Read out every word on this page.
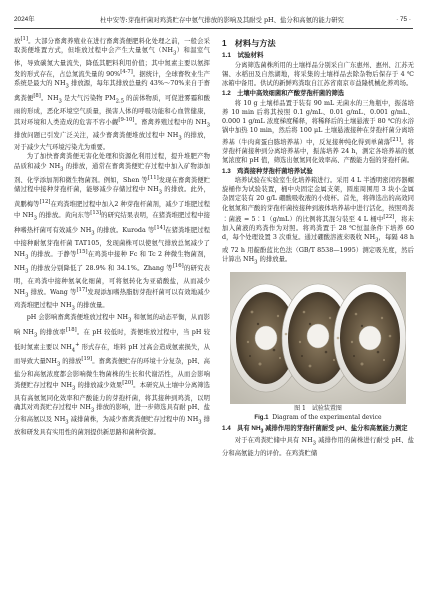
2024年	杜中安等:芽孢杆菌对鸡粪贮存中氨气排放的影响及其耐受 pH、盐分和高氨的能力研究	· 75 ·

放[1]。大部分畜禽养殖业在进行畜禽粪便肥料化处理之前，一般会采取粪便堆置方式，但堆放过程中会产生大量氨气$(NH_3)$和温室气体，导致碳氮大量流失，降低其肥料利用价值；其中氮素主要以氨挥发的形式存在，占总氮流失量的 90%[4-7]。据统计，全球畜牧业生产系统是最大的 $NH_3$ 排放源，每年其排放总量约 43%～70%来自于畜禽粪便[8]。$NH_3$ 是大气污染物 $PM_{2.5}$ 的前体物质，可促进雾霾和酸雨的形成，恶化环境空气质量，损害人体的呼吸功能和心血管健康，其对环境和人类造成的危害不容小觑[9-10]。畜禽养殖过程中的 $NH_3$ 排放问题已引发广泛关注，减少畜禽粪便堆放过程中 $NH_3$ 的排放，对于减少大气环境污染尤为重要。

为了加快畜禽粪便无害化处理和资源化利用过程，提升堆肥产物品质和减少 $NH_3$ 的排放，通常在畜禽粪便贮存过程中加入矿物添加剂、化学添加剂和微生物菌剂。例如，Shen 等[11]发现在畜禽粪便贮储过程中接种芽孢杆菌，能够减少存储过程中 $NH_3$ 的排放。此外，黄鹏梅等[12]在鸡粪堆肥过程中加入2 种芽孢杆菌剂，减少了堆肥过程中 $NH_3$ 的排放。黄向东等[13]的研究结果表明，在猪粪堆肥过程中接种嗜热杆菌可有效减少 $NH_3$ 的排放。Kuroda 等[14]在猪粪堆肥过程中接种耐氨芽孢杆菌 TAT105，发现菌株可以使氨气排放总氮减少了 $NH_3$ 的排放。于静等[15]在鸡粪中接种 Fc 和 Tc 2 种微生物菌剂，$NH_3$ 的排放分别降低了 28.9% 和 34.1%。Zhang 等[16]的研究表明，在鸡粪中接种氨氧化细菌，可将氨转化为亚硝酸盐，从而减少 $NH_3$ 排放。Wang 等[17]发现添加嗜热脂肪芽孢杆菌可以有效地减少鸡粪堆肥过程中 $NH_3$ 的排放量。

pH 会影响畜禽粪便堆放过程中 $NH_3$ 和氨氮的动态平衡，从而影响 $NH_3$ 的排放率[18]。在 pH 较低时，粪便堆放过程中，当 pH 较低时氮素主要以 $NH_4^+$ 形式存在，堆料 pH 过高会造成氨素损失，从而导致大量$NH_3$ 的排放[19]。畜禽粪便贮存的环境十分复杂，pH、高盐分和高氨浓度都会影响微生物菌株的生长和代谢活性，从而会影响粪便贮存过程中 $NH_3$ 的排放减少效果[20]。本研究从土壤中分离筛选具有高氨氮同化效率和产酸能力的芽孢杆菌，将其接种到鸡粪，以明确其对鸡粪贮存过程中 $NH_3$ 排放的影响，进一步筛选具有耐 pH、盐分和高氨以及 $NH_3$ 减排菌株，为减少畜禽粪便贮存过程中的 $NH_3$ 排放和研发具有实用性的菌剂提供新思路和菌种资源。

1　材料与方法
1.1　试验材料

分离筛选菌株所用的土壤样品分别采自广东惠州、惠州、江苏无锡、水稻田及自然湖地，将采集的土壤样品去除杂物后保存于 4 ℃冰箱中备用。供试的新鲜鸡粪取自江苏省南京市益隆机械化养鸡场。

1.2　土壤中高效细菌和产酸芽孢杆菌的筛选

将 10 g 土壤样品置于装有 90 mL 无菌水的三角瓶中，振荡培养 10 min 后将其按照 0.1 g/mL、0.01 g/mL、0.001 g/mL、0.000 1 g/mL 浓度梯度稀释，将稀释后的土壤悬液于 80 ℃的水浴锅中加热 10 min，然后将 100 μL 土壤悬液接种在芽孢杆菌分离培养基（牛肉膏蛋白胨培养基）中，反复接种纯化得到单菌落[21]。将芽孢杆菌接种到分离培养基中，振荡培养 24 h，测定各培养基的氨氮浓度和 pH 值，筛选出氨氮同化效率高、产酸能力强的芽孢杆菌。

1.3　鸡粪接种芽孢杆菌培养试验

培养试验在实验室生化培养箱进行。采用 4 L 半透明密闭容器螺旋桶作为试验装置，桶中央固定金属支架，圆座周围用 3 块小金属杂固定装有 20 g/L 硼酸吸收液的小烧杯。首先，将筛选出的高效同化氨氮和产酸的芽孢杆菌按接种到液体培养基中进行活化，按照鸡粪∶菌液 = 5∶1（g/mL）的比例将其混匀装至 4 L 桶中[22]，将未加入菌液的鸡粪作为对照。将鸡粪置于 28 ℃恒温条件下培养 60 d，每个处理设置 3 次重复。通过硼酸溶液来吸收 $NH_3$，每隔 48 h 或 72 h 用靛酚蓝比色法（GB/T 8538—1995）测定吸光度，然后计算出 $NH_3$ 的排放量。

图 1　试验装置图
Fig.1 Diagram of the experimental device
1.4　具有 $NH_3$ 减排作用的芽孢杆菌耐受 pH、盐分和高氨能力测定

对于在鸡粪贮储中具有 $NH_3$ 减排作用的菌株进行耐受 pH、盐分和高氨能力的评价。在鸡粪贮储
